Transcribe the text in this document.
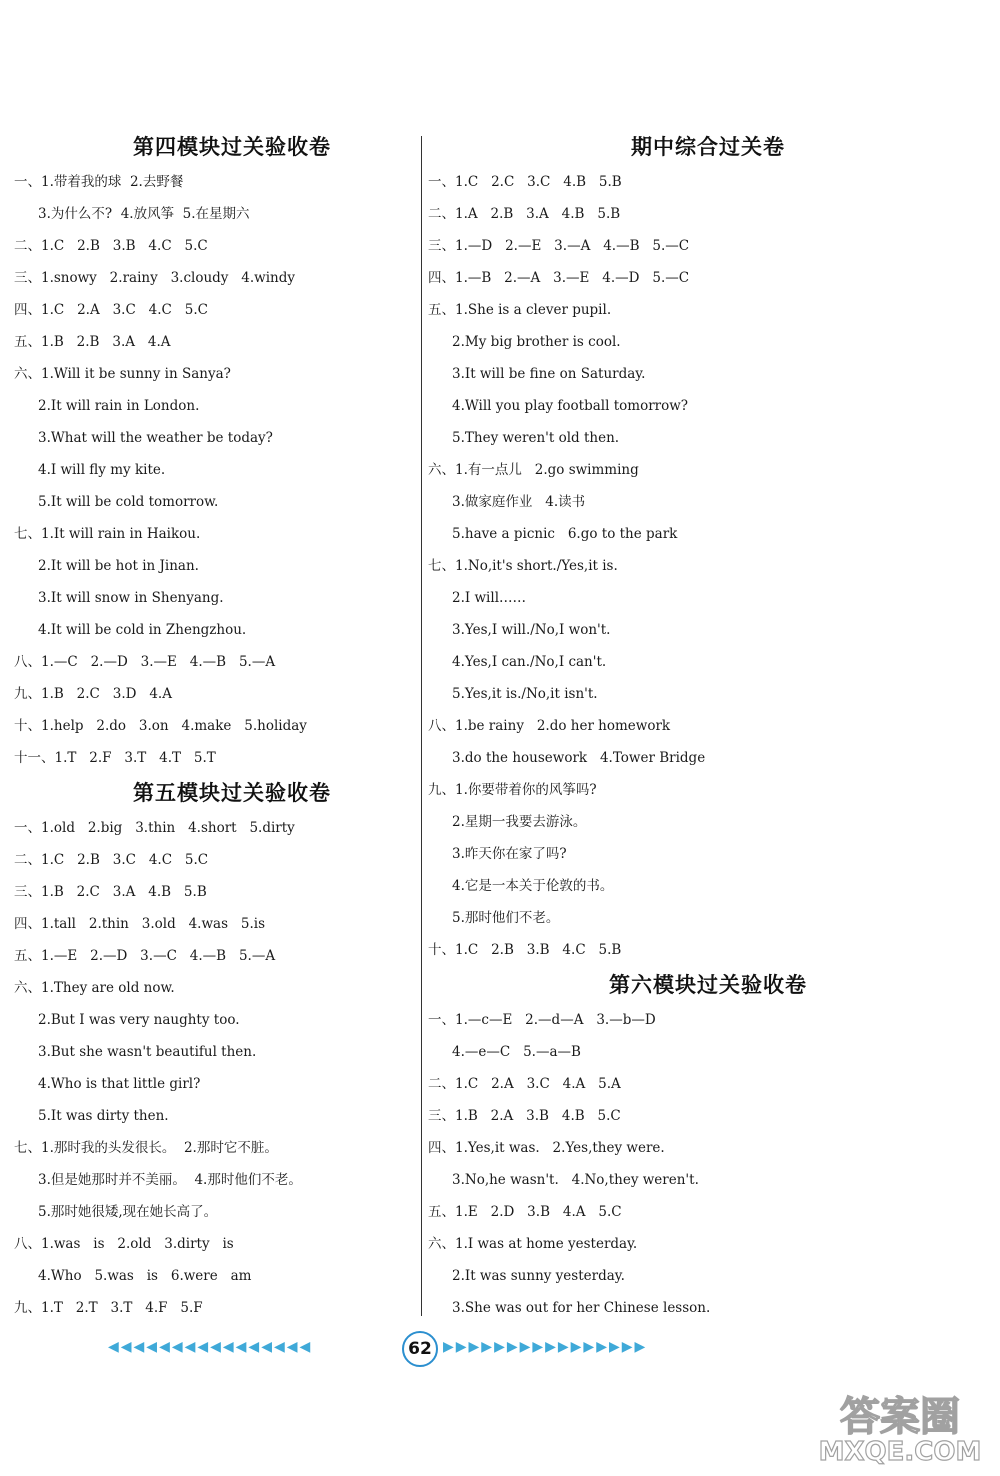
第四模块过关验收卷
一、1.带着我的球  2.去野餐
3.为什么不?  4.放风筝  5.在星期六
二、1.C   2.B   3.B   4.C   5.C
三、1.snowy   2.rainy   3.cloudy   4.windy
四、1.C   2.A   3.C   4.C   5.C
五、1.B   2.B   3.A   4.A
六、1.Will it be sunny in Sanya?
2.It will rain in London.
3.What will the weather be today?
4.I will fly my kite.
5.It will be cold tomorrow.
七、1.It will rain in Haikou.
2.It will be hot in Jinan.
3.It will snow in Shenyang.
4.It will be cold in Zhengzhou.
八、1.—C   2.—D   3.—E   4.—B   5.—A
九、1.B   2.C   3.D   4.A
十、1.help   2.do   3.on   4.make   5.holiday
十一、1.T   2.F   3.T   4.T   5.T
第五模块过关验收卷
一、1.old   2.big   3.thin   4.short   5.dirty
二、1.C   2.B   3.C   4.C   5.C
三、1.B   2.C   3.A   4.B   5.B
四、1.tall   2.thin   3.old   4.was   5.is
五、1.—E   2.—D   3.—C   4.—B   5.—A
六、1.They are old now.
2.But I was very naughty too.
3.But she wasn't beautiful then.
4.Who is that little girl?
5.It was dirty then.
七、1.那时我的头发很长。  2.那时它不脏。
3.但是她那时并不美丽。  4.那时他们不老。
5.那时她很矮,现在她长高了。
八、1.was   is   2.old   3.dirty   is
4.Who   5.was   is   6.were   am
九、1.T   2.T   3.T   4.F   5.F
期中综合过关卷
一、1.C   2.C   3.C   4.B   5.B
二、1.A   2.B   3.A   4.B   5.B
三、1.—D   2.—E   3.—A   4.—B   5.—C
四、1.—B   2.—A   3.—E   4.—D   5.—C
五、1.She is a clever pupil.
2.My big brother is cool.
3.It will be fine on Saturday.
4.Will you play football tomorrow?
5.They weren't old then.
六、1.有一点儿   2.go swimming
3.做家庭作业   4.读书
5.have a picnic   6.go to the park
七、1.No,it's short./Yes,it is.
2.I will……
3.Yes,I will./No,I won't.
4.Yes,I can./No,I can't.
5.Yes,it is./No,it isn't.
八、1.be rainy   2.do her homework
3.do the housework   4.Tower Bridge
九、1.你要带着你的风筝吗?
2.星期一我要去游泳。
3.昨天你在家了吗?
4.它是一本关于伦敦的书。
5.那时他们不老。
十、1.C   2.B   3.B   4.C   5.B
第六模块过关验收卷
一、1.—c—E   2.—d—A   3.—b—D
4.—e—C   5.—a—B
二、1.C   2.A   3.C   4.A   5.A
三、1.B   2.A   3.B   4.B   5.C
四、1.Yes,it was.   2.Yes,they were.
3.No,he wasn't.   4.No,they weren't.
五、1.E   2.D   3.B   4.A   5.C
六、1.I was at home yesterday.
2.It was sunny yesterday.
3.She was out for her Chinese lesson.
◀◀◀◀◀◀◀◀◀◀◀◀◀◀◀◀	62 ▶▶▶▶▶▶▶▶▶▶▶▶▶▶▶▶
答案圈
MXQE.COM
